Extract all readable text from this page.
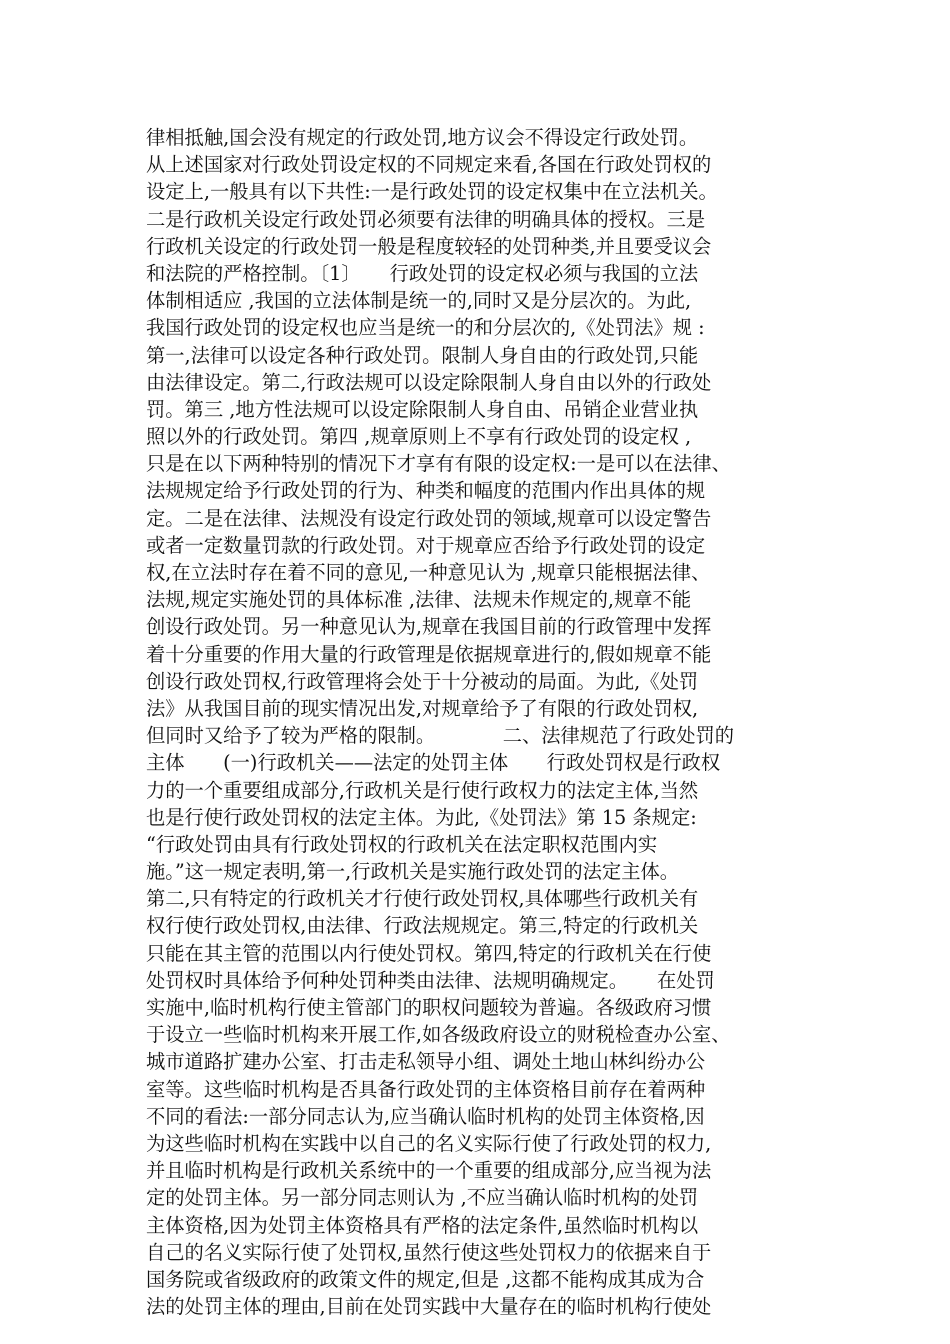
律相抵触,国会没有规定的行政处罚,地方议会不得设定行政处罚。
从上述国家对行政处罚设定权的不同规定来看,各国在行政处罚权的
设定上,一般具有以下共性:一是行政处罚的设定权集中在立法机关。
二是行政机关设定行政处罚必须要有法律的明确具体的授权。三是
行政机关设定的行政处罚一般是程度较轻的处罚种类,并且要受议会
和法院的严格控制。〔1〕　　行政处罚的设定权必须与我国的立法
体制相适应 ,我国的立法体制是统一的,同时又是分层次的。为此,
我国行政处罚的设定权也应当是统一的和分层次的,《处罚法》规 :
第一,法律可以设定各种行政处罚。限制人身自由的行政处罚,只能
由法律设定。第二,行政法规可以设定除限制人身自由以外的行政处
罚。第三 ,地方性法规可以设定除限制人身自由、吊销企业营业执
照以外的行政处罚。第四 ,规章原则上不享有行政处罚的设定权 ,
只是在以下两种特别的情况下才享有有限的设定权:一是可以在法律、
法规规定给予行政处罚的行为、种类和幅度的范围内作出具体的规
定。二是在法律、法规没有设定行政处罚的领域,规章可以设定警告
或者一定数量罚款的行政处罚。对于规章应否给予行政处罚的设定
权,在立法时存在着不同的意见,一种意见认为 ,规章只能根据法律、
法规,规定实施处罚的具体标准 ,法律、法规未作规定的,规章不能
创设行政处罚。另一种意见认为,规章在我国目前的行政管理中发挥
着十分重要的作用大量的行政管理是依据规章进行的,假如规章不能
创设行政处罚权,行政管理将会处于十分被动的局面。为此,《处罚
法》从我国目前的现实情况出发,对规章给予了有限的行政处罚权,
但同时又给予了较为严格的限制。　　　　二、法律规范了行政处罚的
主体　　(一)行政机关——法定的处罚主体　　行政处罚权是行政权
力的一个重要组成部分,行政机关是行使行政权力的法定主体,当然
也是行使行政处罚权的法定主体。为此,《处罚法》第 15 条规定:
“行政处罚由具有行政处罚权的行政机关在法定职权范围内实
施。”这一规定表明,第一,行政机关是实施行政处罚的法定主体。
第二,只有特定的行政机关才行使行政处罚权,具体哪些行政机关有
权行使行政处罚权,由法律、行政法规规定。第三,特定的行政机关
只能在其主管的范围以内行使处罚权。第四,特定的行政机关在行使
处罚权时具体给予何种处罚种类由法律、法规明确规定。　　在处罚
实施中,临时机构行使主管部门的职权问题较为普遍。各级政府习惯
于设立一些临时机构来开展工作,如各级政府设立的财税检查办公室、
城市道路扩建办公室、打击走私领导小组、调处土地山林纠纷办公
室等。这些临时机构是否具备行政处罚的主体资格目前存在着两种
不同的看法:一部分同志认为,应当确认临时机构的处罚主体资格,因
为这些临时机构在实践中以自己的名义实际行使了行政处罚的权力,
并且临时机构是行政机关系统中的一个重要的组成部分,应当视为法
定的处罚主体。另一部分同志则认为 ,不应当确认临时机构的处罚
主体资格,因为处罚主体资格具有严格的法定条件,虽然临时机构以
自己的名义实际行使了处罚权,虽然行使这些处罚权力的依据来自于
国务院或省级政府的政策文件的规定,但是 ,这都不能构成其成为合
法的处罚主体的理由,目前在处罚实践中大量存在的临时机构行使处
